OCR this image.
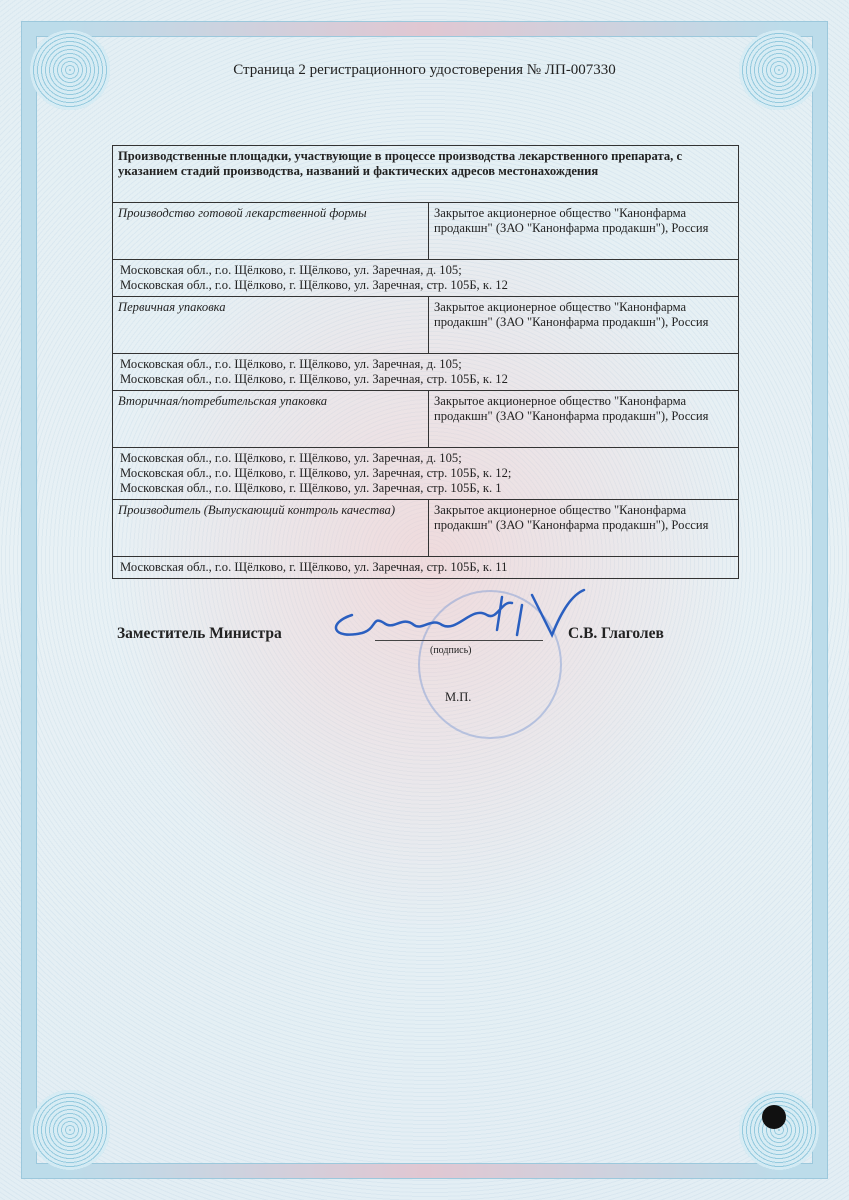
Страница 2 регистрационного удостоверения № ЛП-007330
Производственные площадки, участвующие в процессе производства лекарственного препарата, с указанием стадий производства, названий и фактических адресов местонахождения	
Производство готовой лекарственной формы	Закрытое акционерное общество "Канонфарма продакшн" (ЗАО "Канонфарма продакшн"), Россия

Московская обл., г.о. Щёлково, г. Щёлково, ул. Заречная, д. 105;
Московская обл., г.о. Щёлково, г. Щёлково, ул. Заречная, стр. 105Б, к. 12	

Первичная упаковка	Закрытое акционерное общество "Канонфарма продакшн" (ЗАО "Канонфарма продакшн"), Россия

Московская обл., г.о. Щёлково, г. Щёлково, ул. Заречная, д. 105;
Московская обл., г.о. Щёлково, г. Щёлково, ул. Заречная, стр. 105Б, к. 12	

Вторичная/потребительская упаковка	Закрытое акционерное общество "Канонфарма продакшн" (ЗАО "Канонфарма продакшн"), Россия

Московская обл., г.о. Щёлково, г. Щёлково, ул. Заречная, д. 105;
Московская обл., г.о. Щёлково, г. Щёлково, ул. Заречная, стр. 105Б, к. 12;
Московская обл., г.о. Щёлково, г. Щёлково, ул. Заречная, стр. 105Б, к. 1	

Производитель (Выпускающий контроль качества)	Закрытое акционерное общество "Канонфарма продакшн" (ЗАО "Канонфарма продакшн"), Россия

Московская обл., г.о. Щёлково, г. Щёлково, ул. Заречная, стр. 105Б, к. 11	
Заместитель Министра
(подпись)
С.В. Глаголев
М.П.
